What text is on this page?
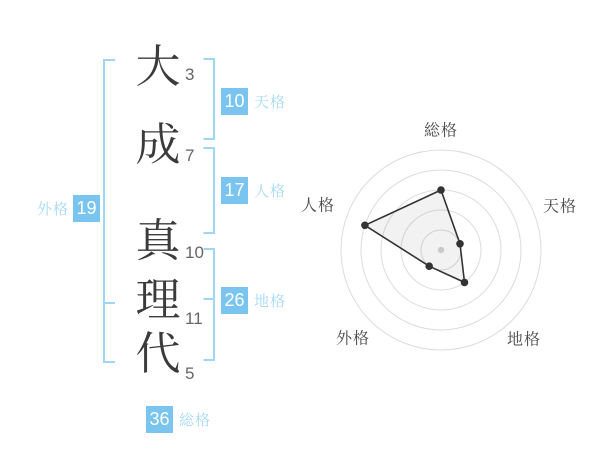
大
成
真
理
代
3
7
10
11
5
10 天格
17 人格
26 地格
外格 19
36 総格
総格
天格
地格
外格
人格
